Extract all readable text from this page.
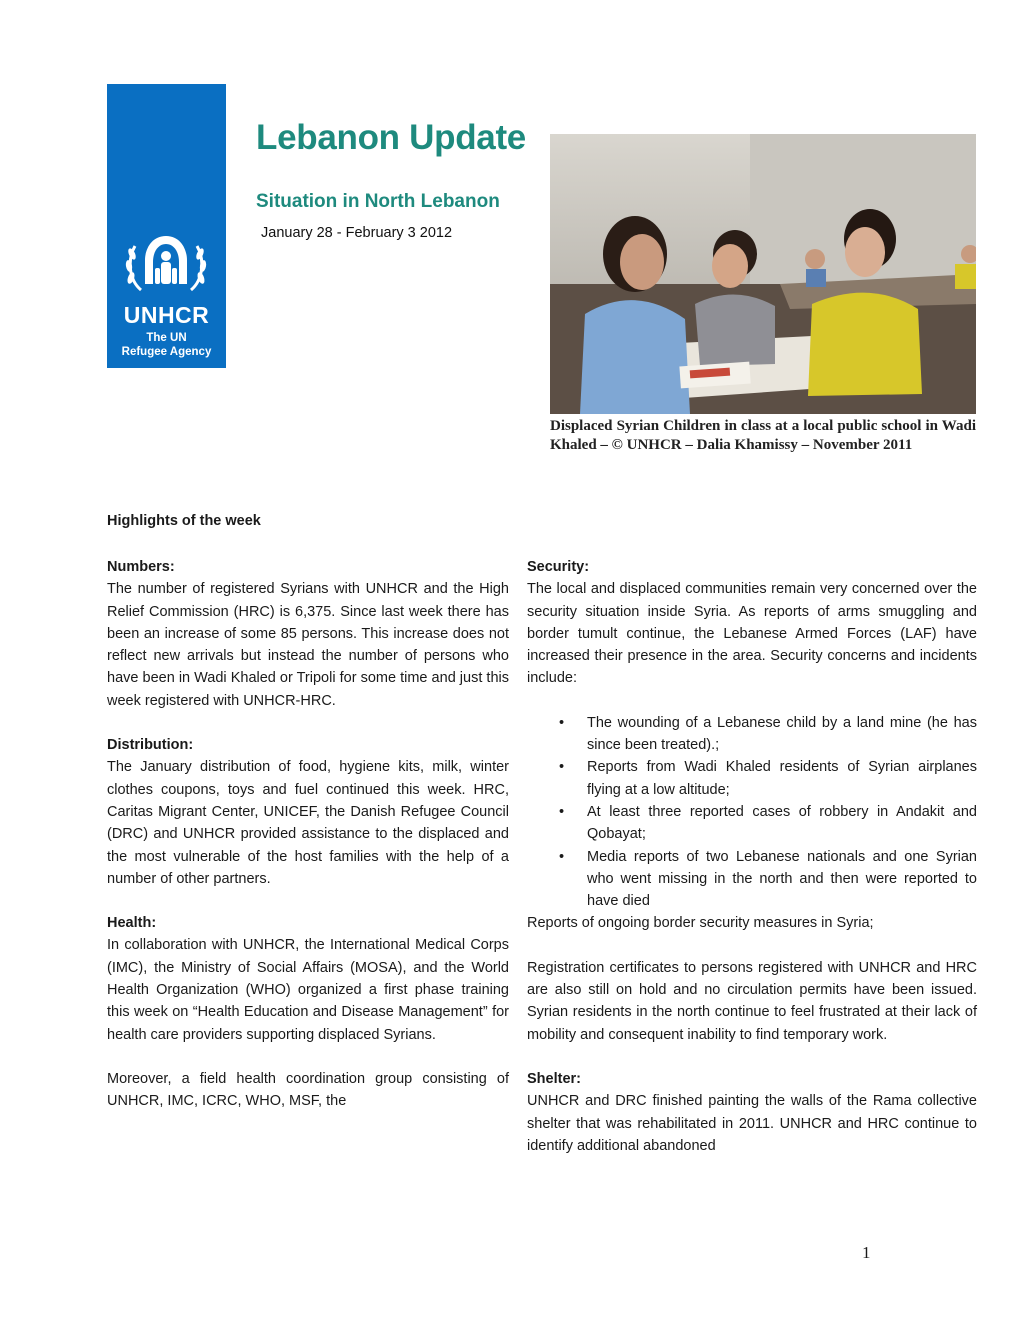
UNHCR
The UN
Refugee Agency
Lebanon Update
Situation in North Lebanon
January 28 - February 3 2012
Displaced Syrian Children in class at a local public school in Wadi Khaled – © UNHCR – Dalia Khamissy – November 2011
Highlights of the week
Numbers:

The number of registered Syrians with UNHCR and the High Relief Commission (HRC) is 6,375. Since last week there has been an increase of some 85 persons. This increase does not reflect new arrivals but instead the number of persons who have been in Wadi Khaled or Tripoli for some time and just this week registered with UNHCR-HRC.

Distribution:

The January distribution of food, hygiene kits, milk, winter clothes coupons, toys and fuel continued this week. HRC, Caritas Migrant Center, UNICEF, the Danish Refugee Council (DRC) and UNHCR provided assistance to the displaced and the most vulnerable of the host families with the help of a number of other partners.

Health:

In collaboration with UNHCR, the International Medical Corps (IMC), the Ministry of Social Affairs (MOSA), and the World Health Organization (WHO) organized a first phase training this week on “Health Education and Disease Management” for health care providers supporting displaced Syrians.

Moreover, a field health coordination group consisting of UNHCR, IMC, ICRC, WHO, MSF, the

Security:

The local and displaced communities remain very concerned over the security situation inside Syria. As reports of arms smuggling and border tumult continue, the Lebanese Armed Forces (LAF) have increased their presence in the area. Security concerns and incidents include:

• The wounding of a Lebanese child by a land mine (he has since been treated).;
• Reports from Wadi Khaled residents of Syrian airplanes flying at a low altitude;
• At least three reported cases of robbery in Andakit and Qobayat;
• Media reports of two Lebanese nationals and one Syrian who went missing in the north and then were reported to have died

Reports of ongoing border security measures in Syria;

Registration certificates to persons registered with UNHCR and HRC are also still on hold and no circulation permits have been issued. Syrian residents in the north continue to feel frustrated at their lack of mobility and consequent inability to find temporary work.

Shelter:

UNHCR and DRC finished painting the walls of the Rama collective shelter that was rehabilitated in 2011. UNHCR and HRC continue to identify additional abandoned

1
